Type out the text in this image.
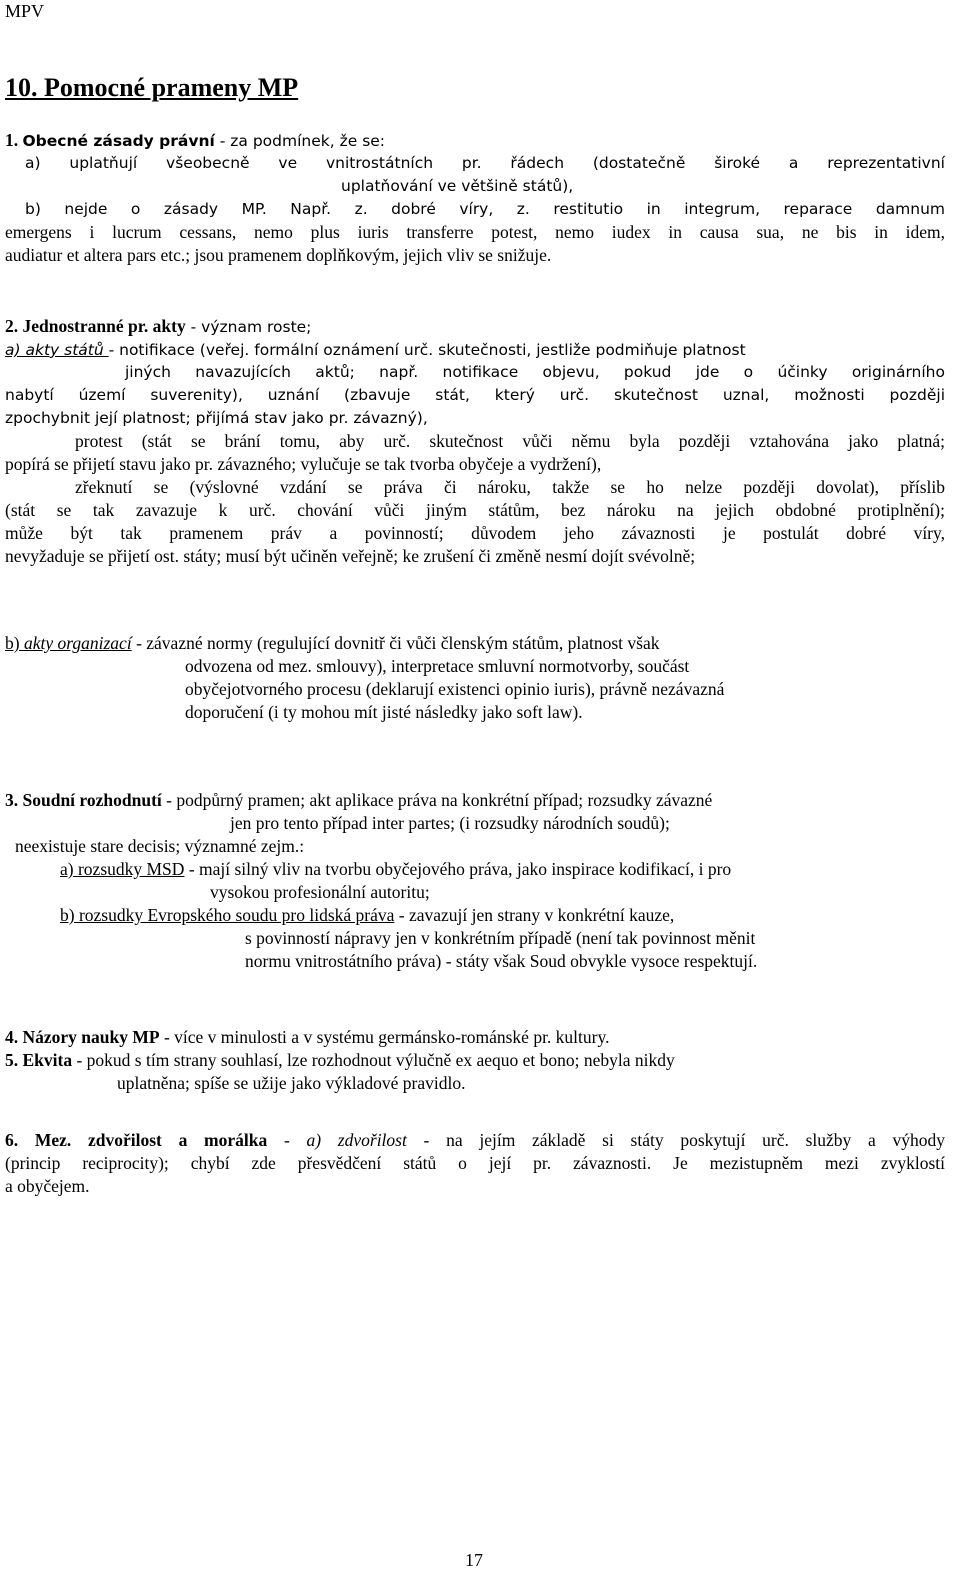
MPV
10. Pomocné prameny MP
1. Obecné zásady právní - za podmínek, že se:
a) uplatňují všeobecně ve vnitrostátních pr. řádech (dostatečně široké a reprezentativní
uplatňování ve většině států),
b) nejde o zásady MP. Např. z. dobré víry, z. restitutio in integrum, reparace damnum
emergens i lucrum cessans, nemo plus iuris transferre potest, nemo iudex in causa sua, ne bis in idem,
audiatur et altera pars etc.; jsou pramenem doplňkovým, jejich vliv se snižuje.
2. Jednostranné pr. akty - význam roste;
a) akty států - notifikace (veřej. formální oznámení urč. skutečnosti, jestliže podmiňuje platnost
jiných navazujících aktů; např. notifikace objevu, pokud jde o účinky originárního
nabytí území suverenity), uznání (zbavuje stát, který urč. skutečnost uznal, možnosti později
zpochybnit její platnost; přijímá stav jako pr. závazný),
protest (stát se brání tomu, aby urč. skutečnost vůči němu byla později vztahována jako platná;
popírá se přijetí stavu jako pr. závazného; vylučuje se tak tvorba obyčeje a vydržení),
zřeknutí se (výslovné vzdání se práva či nároku, takže se ho nelze později dovolat), příslib
(stát se tak zavazuje k urč. chování vůči jiným státům, bez nároku na jejich obdobné protiplnění);
může být tak pramenem práv a povinností; důvodem jeho závaznosti je postulát dobré víry,
nevyžaduje se přijetí ost. státy; musí být učiněn veřejně; ke zrušení či změně nesmí dojít svévolně;
b) akty organizací - závazné normy (regulující dovnitř či vůči členským státům, platnost však
odvozena od mez. smlouvy), interpretace smluvní normotvorby, součást
obyčejotvorného procesu (deklarují existenci opinio iuris), právně nezávazná
doporučení (i ty mohou mít jisté následky jako soft law).
3. Soudní rozhodnutí - podpůrný pramen; akt aplikace práva na konkrétní případ; rozsudky závazné
jen pro tento případ inter partes; (i rozsudky národních soudů);
neexistuje stare decisis; významné zejm.:
a) rozsudky MSD - mají silný vliv na tvorbu obyčejového práva, jako inspirace kodifikací, i pro
vysokou profesionální autoritu;
b) rozsudky Evropského soudu pro lidská práva - zavazují jen strany v konkrétní kauze,
s povinností nápravy jen v konkrétním případě (není tak povinnost měnit
normu vnitrostátního práva) - státy však Soud obvykle vysoce respektují.
4. Názory nauky MP - více v minulosti a v systému germánsko-románské pr. kultury.
5. Ekvita - pokud s tím strany souhlasí, lze rozhodnout výlučně ex aequo et bono; nebyla nikdy
uplatněna; spíše se užije jako výkladové pravidlo.
6. Mez. zdvořilost a morálka - a) zdvořilost - na jejím základě si státy poskytují urč. služby a výhody
(princip reciprocity); chybí zde přesvědčení států o její pr. závaznosti. Je mezistupněm mezi zvyklostí
a obyčejem.
17
